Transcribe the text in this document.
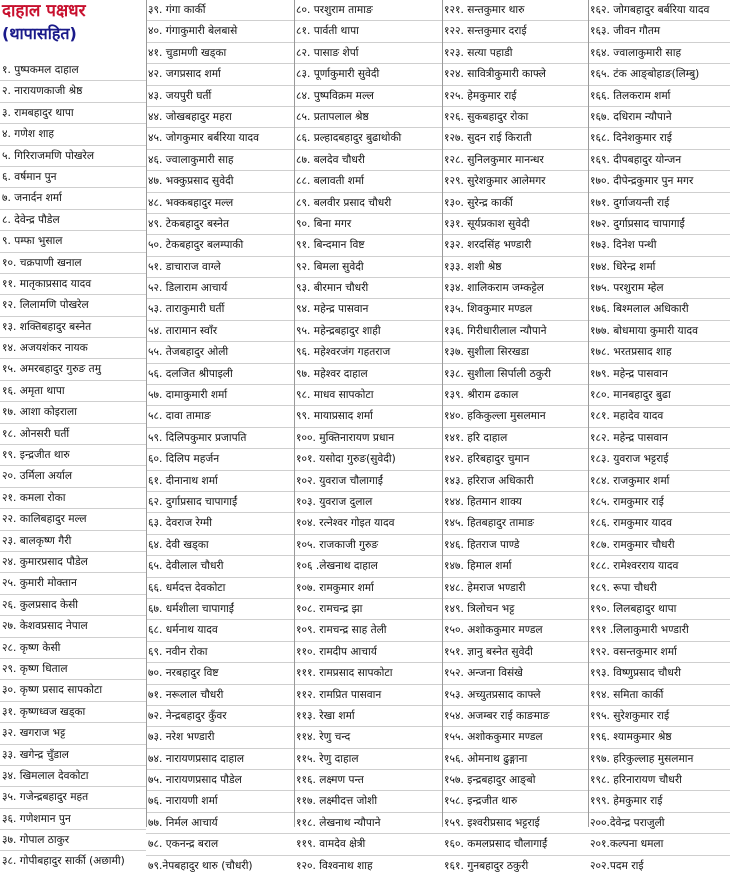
दाहाल पक्षधर
(थापासहित)
१. पुष्पकमल दाहाल
२. नारायणकाजी श्रेष्ठ
३. रामबहादुर थापा
४. गणेश शाह
५. गिरिराजमणि पोखरेल
६. वर्षमान पुन
७. जनार्दन शर्मा
८. देवेन्द्र पौडेल
९. पम्फा भुसाल
१०. चक्रपाणी खनाल
११. मातृकाप्रसाद यादव
१२. लिलामणि पोखरेल
१३. शक्तिबहादुर बस्नेत
१४. अजयशंकर नायक
१५. अमरबहादुर गुरुङ तमु
१६. अमृता थापा
१७. आशा कोइराला
१८. ओनसरी घर्ती
१९. इन्द्रजीत थारु
२०. उर्मिला अर्याल
२१. कमला रोका
२२. कालिबहादुर मल्ल
२३. बालकृष्ण गैरी
२४. कुमारप्रसाद पौडेल
२५. कुमारी मोक्तान
२६. कुलप्रसाद केसी
२७. केशवप्रसाद नेपाल
२८. कृष्ण केसी
२९. कृष्ण धिताल
३०. कृष्ण प्रसाद सापकोटा
३१. कृष्णध्वज खड्का
३२. खगराज भट्ट
३३. खगेन्द्र चुँडाल
३४. खिमलाल देवकोटा
३५. गजेन्द्रबहादुर महत
३६. गणेशमान पुन
३७. गोपाल ठाकुर
३८. गोपीबहादुर सार्की (अछामी)
३९. गंगा कार्की
४०. गंगाकुमारी बेलबासे
४१. चुडामणी खड्का
४२. जगप्रसाद शर्मा
४३. जयपुरी घर्ती
४४. जोखबहादुर महरा
४५. जोगकुमार बर्बरिया यादव
४६. ज्वालाकुमारी साह
४७. भक्कुप्रसाद सुवेदी
४८. भक्कबहादुर मल्ल
४९. टेकबहादुर बस्नेत
५०. टेकबहादुर बलम्पाकी
५१. डाचाराज वाग्ले
५२. डिलाराम आचार्य
५३. ताराकुमारी घर्ती
५४. तारामान स्वाँर
५५. तेजबहादुर ओली
५६. दलजित श्रीपाइली
५७. दामाकुमारी शर्मा
५८. दावा तामाङ
५९. दिलिपकुमार प्रजापति
६०. दिलिप महर्जन
६१. दीनानाथ शर्मा
६२. दुर्गाप्रसाद चापागाईं
६३. देवराज रेग्मी
६४. देवी खड्का
६५. देवीलाल चौधरी
६६. धर्मदत्त देवकोटा
६७. धर्मशीला चापागाईं
६८. धर्मनाथ यादव
६९. नवीन रोका
७०. नरबहादुर विष्ट
७१. नरूलाल चौधरी
७२. नेन्द्रबहादुर कुँवर
७३. नरेश भण्डारी
७४. नारायणप्रसाद दाहाल
७५. नारायणप्रसाद पौडेल
७६. नारायणी शर्मा
७७. निर्मल आचार्य
७८. एकनन्द्र बराल
७९.नेपबहादुर थारु (चौधरी)
८०. परशुराम तामाङ
८१. पार्वती थापा
८२. पासाङ शेर्पा
८३. पूर्णाकुमारी सुवेदी
८४. पुष्पविक्रम मल्ल
८५. प्रतापलाल श्रेष्ठ
८६. प्रल्हादबहादुर बुढाथोकी
८७. बलदेव चौधरी
८८. बलावती शर्मा
८९. बलवीर प्रसाद चौधरी
९०. बिना मगर
९१. बिन्दमान विष्ट
९२. बिमला सुवेदी
९३. बीरमान चौधरी
९४. महेन्द्र पासवान
९५. महेन्द्रबहादुर शाही
९६. महेश्वरजंग गहतराज
९७. महेश्वर दाहाल
९८. माधव सापकोटा
९९. मायाप्रसाद शर्मा
१००. मुक्तिनारायण प्रधान
१०१. यसोदा गुरुङ(सुवेदी)
१०२. युवराज चौलागाईं
१०३. युवराज दुलाल
१०४. रत्नेश्वर गोइत यादव
१०५. राजकाजी गुरुङ
१०६ .लेखनाथ दाहाल
१०७. रामकुमार शर्मा
१०८. रामचन्द्र झा
१०९. रामचन्द्र साह तेली
११०. रामदीप आचार्य
१११. रामप्रसाद सापकोटा
११२. रामप्रित पासवान
११३. रेखा शर्मा
११४. रेणु चन्द
११५. रेणु दाहाल
११६. लक्ष्मण पन्त
११७. लक्ष्मीदत्त जोशी
११८. लेखनाथ न्यौपाने
११९. वामदेव क्षेत्री
१२०. विश्वनाथ शाह
१२१. सन्तकुमार थारु
१२२. सन्तकुमार दराई
१२३. सत्या पहाडी
१२४. सावित्रीकुमारी काफ्ले
१२५. हेमकुमार राई
१२६. सुकबहादुर रोका
१२७. सुदन राई किराती
१२८. सुनिलकुमार मानन्धर
१२९. सुरेशकुमार आलेमगर
१३०. सुरेन्द्र कार्की
१३१. सूर्यप्रकाश सुवेदी
१३२. शरदसिंह भण्डारी
१३३. शशी श्रेष्ठ
१३४. शालिकराम जम्कट्टेल
१३५. शिवकुमार मण्डल
१३६. गिरीधारीलाल न्यौपाने
१३७. सुशीला सिरखडा
१३८. सुशीला सिर्पाली ठकुरी
१३९. श्रीराम ढकाल
१४०. हकिकुल्ला मुसलमान
१४१. हरि दाहाल
१४२. हरिबहादुर चुमान
१४३. हरिराज अधिकारी
१४४. हितमान शाक्य
१४५. हितबहादुर तामाङ
१४६. हितराज पाण्डे
१४७. हिमाल शर्मा
१४८. हेमराज भण्डारी
१४९. त्रिलोचन भट्ट
१५०. अशोककुमार मण्डल
१५१. ज्ञानु बस्नेत सुवेदी
१५२. अन्जना विसंखे
१५३. अच्युतप्रसाद काफ्ले
१५४. अजम्बर राई काङमाङ
१५५. अशोककुमार मण्डल
१५६. ओमनाथ ढुङ्गाना
१५७. इन्द्रबहादुर आङ्बो
१५८. इन्द्रजीत थारु
१५९. इश्वरीप्रसाद भट्टराई
१६०. कमलप्रसाद चौलागाईं
१६१. गुनबहादुर ठकुरी
१६२. जोगबहादुर बर्बरिया यादव
१६३. जीवन गौतम
१६४. ज्वालाकुमारी साह
१६५. टंक आङ्बोहाङ(लिम्बु)
१६६. तिलकराम शर्मा
१६७. दधिराम न्यौपाने
१६८. दिनेशकुमार राई
१६९. दीपबहादुर योन्जन
१७०. दीपेन्द्रकुमार पुन मगर
१७१. दुर्गाजयन्ती राई
१७२. दुर्गाप्रसाद चापागाईं
१७३. दिनेश पन्थी
१७४. धिरेन्द्र शर्मा
१७५. परशुराम म्हेल
१७६. बिश्मलाल अधिकारी
१७७. बोधमाया कुमारी यादव
१७८. भरतप्रसाद शाह
१७९. महेन्द्र पासवान
१८०. मानबहादुर बुढा
१८१. महादेव यादव
१८२. महेन्द्र पासवान
१८३. युवराज भट्टराई
१८४. राजकुमार शर्मा
१८५. रामकुमार राई
१८६. रामकुमार यादव
१८७. रामकुमार चौधरी
१८८. रामेश्वरराय यादव
१८९. रूपा चौधरी
१९०. लिलबहादुर थापा
१९१ .लिलाकुमारी भण्डारी
१९२. वसन्तकुमार शर्मा
१९३. विष्णुप्रसाद चौधरी
१९४. समिता कार्की
१९५. सुरेशकुमार राई
१९६. श्यामकुमार श्रेष्ठ
१९७. हरिकुल्लाह मुसलमान
१९८. हरिनारायण चौधरी
१९९. हेमकुमार राई
२००.देवेन्द्र पराजुली
२०१.कल्पना धमला
२०२.पदम राई
